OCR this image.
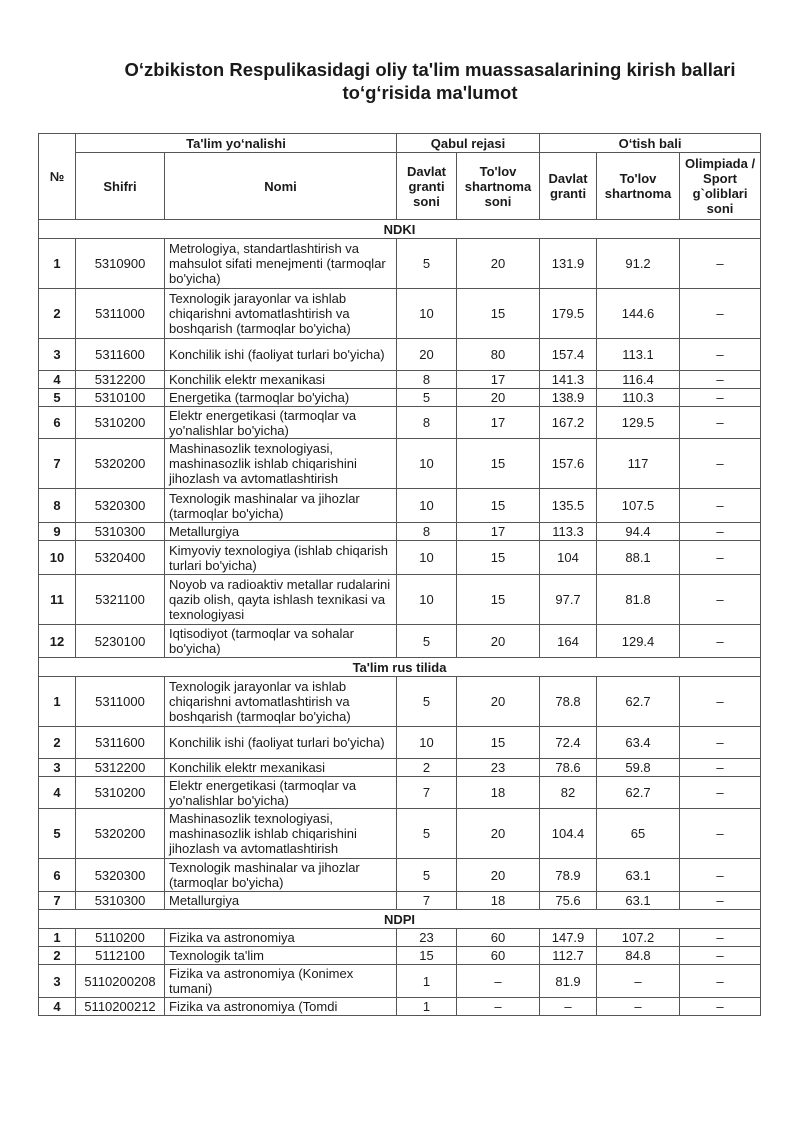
O‘zbikiston Respulikasidagi oliy ta'lim muassasalarining kirish ballari
to‘g‘risida ma'lumot
№	Ta'lim yo‘nalishi		Qabul rejasi		O‘tish bali		
	Shifri	Nomi	Davlat granti soni	To'lov shartnoma soni	Davlat granti	To'lov shartnoma	Olimpiada / Sport g`oliblari soni
NDKI							
1	5310900	Metrologiya, standartlashtirish va mahsulot sifati menejmenti (tarmoqlar bo'yicha)	5	20	131.9	91.2	–
2	5311000	Texnologik jarayonlar va ishlab chiqarishni avtomatlashtirish va boshqarish (tarmoqlar bo'yicha)	10	15	179.5	144.6	–
3	5311600	Konchilik ishi (faoliyat turlari bo'yicha)	20	80	157.4	113.1	–
4	5312200	Konchilik elektr mexanikasi	8	17	141.3	116.4	–
5	5310100	Energetika (tarmoqlar bo'yicha)	5	20	138.9	110.3	–
6	5310200	Elektr energetikasi (tarmoqlar va yo'nalishlar bo'yicha)	8	17	167.2	129.5	–
7	5320200	Mashinasozlik texnologiyasi, mashinasozlik ishlab chiqarishini jihozlash va avtomatlashtirish	10	15	157.6	117	–
8	5320300	Texnologik mashinalar va jihozlar (tarmoqlar bo'yicha)	10	15	135.5	107.5	–
9	5310300	Metallurgiya	8	17	113.3	94.4	–
10	5320400	Kimyoviy texnologiya (ishlab chiqarish turlari bo'yicha)	10	15	104	88.1	–
11	5321100	Noyob va radioaktiv metallar rudalarini qazib olish, qayta ishlash texnikasi va texnologiyasi	10	15	97.7	81.8	–
12	5230100	Iqtisodiyot (tarmoqlar va sohalar bo'yicha)	5	20	164	129.4	–
Ta'lim rus tilida							
1	5311000	Texnologik jarayonlar va ishlab chiqarishni avtomatlashtirish va boshqarish (tarmoqlar bo'yicha)	5	20	78.8	62.7	–
2	5311600	Konchilik ishi (faoliyat turlari bo'yicha)	10	15	72.4	63.4	–
3	5312200	Konchilik elektr mexanikasi	2	23	78.6	59.8	–
4	5310200	Elektr energetikasi (tarmoqlar va yo'nalishlar bo'yicha)	7	18	82	62.7	–
5	5320200	Mashinasozlik texnologiyasi, mashinasozlik ishlab chiqarishini jihozlash va avtomatlashtirish	5	20	104.4	65	–
6	5320300	Texnologik mashinalar va jihozlar (tarmoqlar bo'yicha)	5	20	78.9	63.1	–
7	5310300	Metallurgiya	7	18	75.6	63.1	–
NDPI							
1	5110200	Fizika va astronomiya	23	60	147.9	107.2	–
2	5112100	Texnologik ta'lim	15	60	112.7	84.8	–
3	5110200208	Fizika va astronomiya (Konimex tumani)	1	–	81.9	–	–
4	5110200212	Fizika va astronomiya (Tomdi	1	–	–	–	–
